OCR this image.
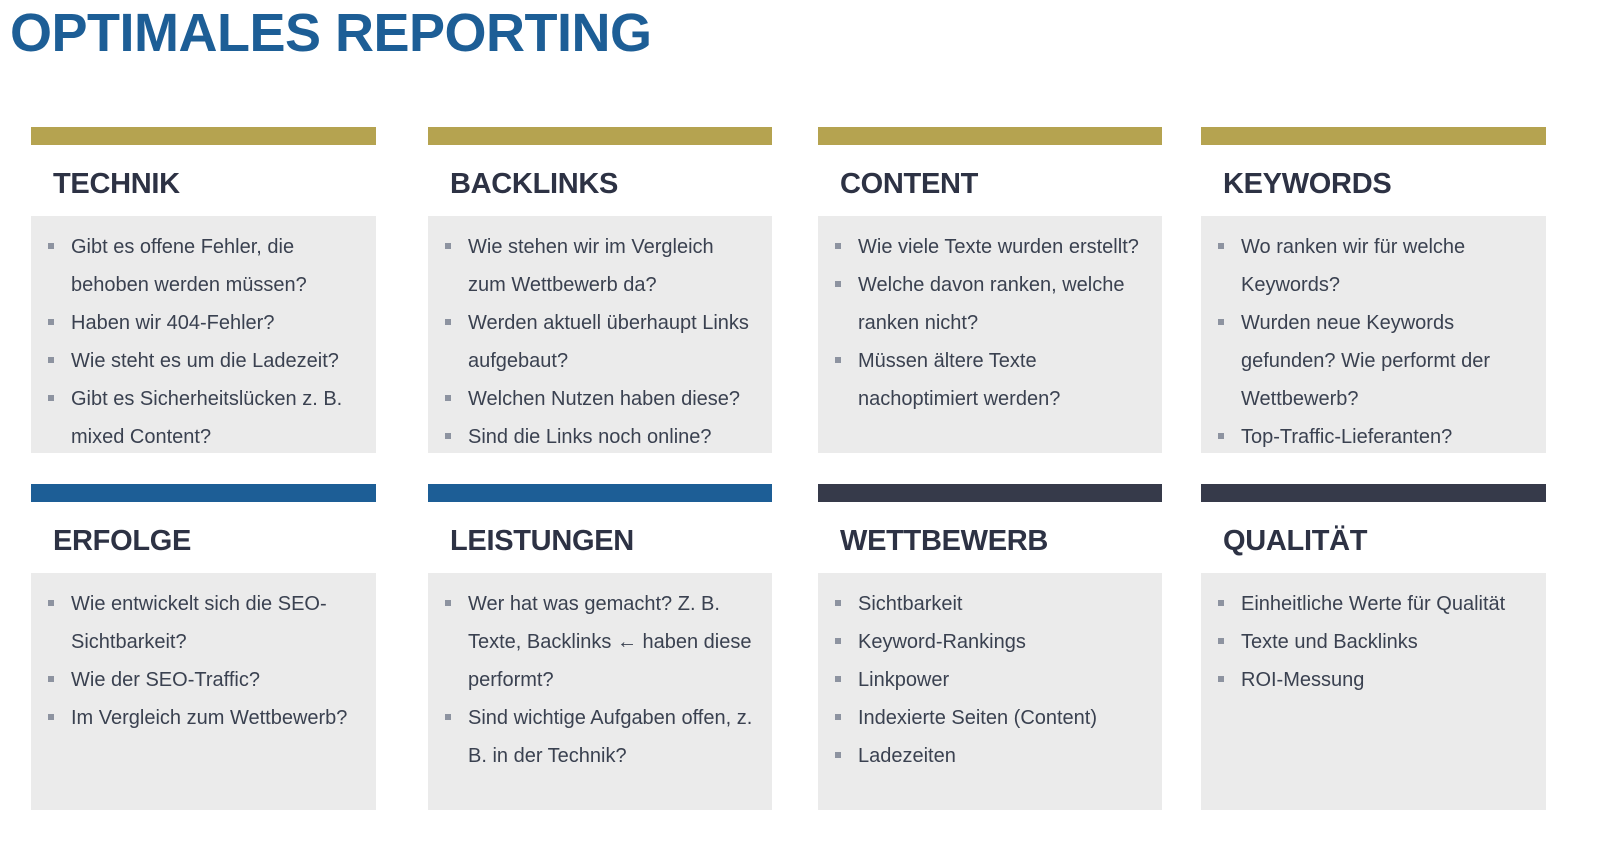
OPTIMALES REPORTING
TECHNIK
Gibt es offene Fehler, die behoben werden müssen?
Haben wir 404-Fehler?
Wie steht es um die Ladezeit?
Gibt es Sicherheitslücken z. B. mixed Content?
BACKLINKS
Wie stehen wir im Vergleich zum Wettbewerb da?
Werden aktuell überhaupt Links aufgebaut?
Welchen Nutzen haben diese?
Sind die Links noch online?
CONTENT
Wie viele Texte wurden erstellt?
Welche davon ranken, welche ranken nicht?
Müssen ältere Texte nachoptimiert werden?
KEYWORDS
Wo ranken wir für welche Keywords?
Wurden neue Keywords gefunden? Wie performt der Wettbewerb?
Top-Traffic-Lieferanten?
ERFOLGE
Wie entwickelt sich die SEO-Sichtbarkeit?
Wie der SEO-Traffic?
Im Vergleich zum Wettbewerb?
LEISTUNGEN
Wer hat was gemacht? Z. B. Texte, Backlinks ← haben diese performt?
Sind wichtige Aufgaben offen, z. B. in der Technik?
WETTBEWERB
Sichtbarkeit
Keyword-Rankings
Linkpower
Indexierte Seiten (Content)
Ladezeiten
QUALITÄT
Einheitliche Werte für Qualität
Texte und Backlinks
ROI-Messung
